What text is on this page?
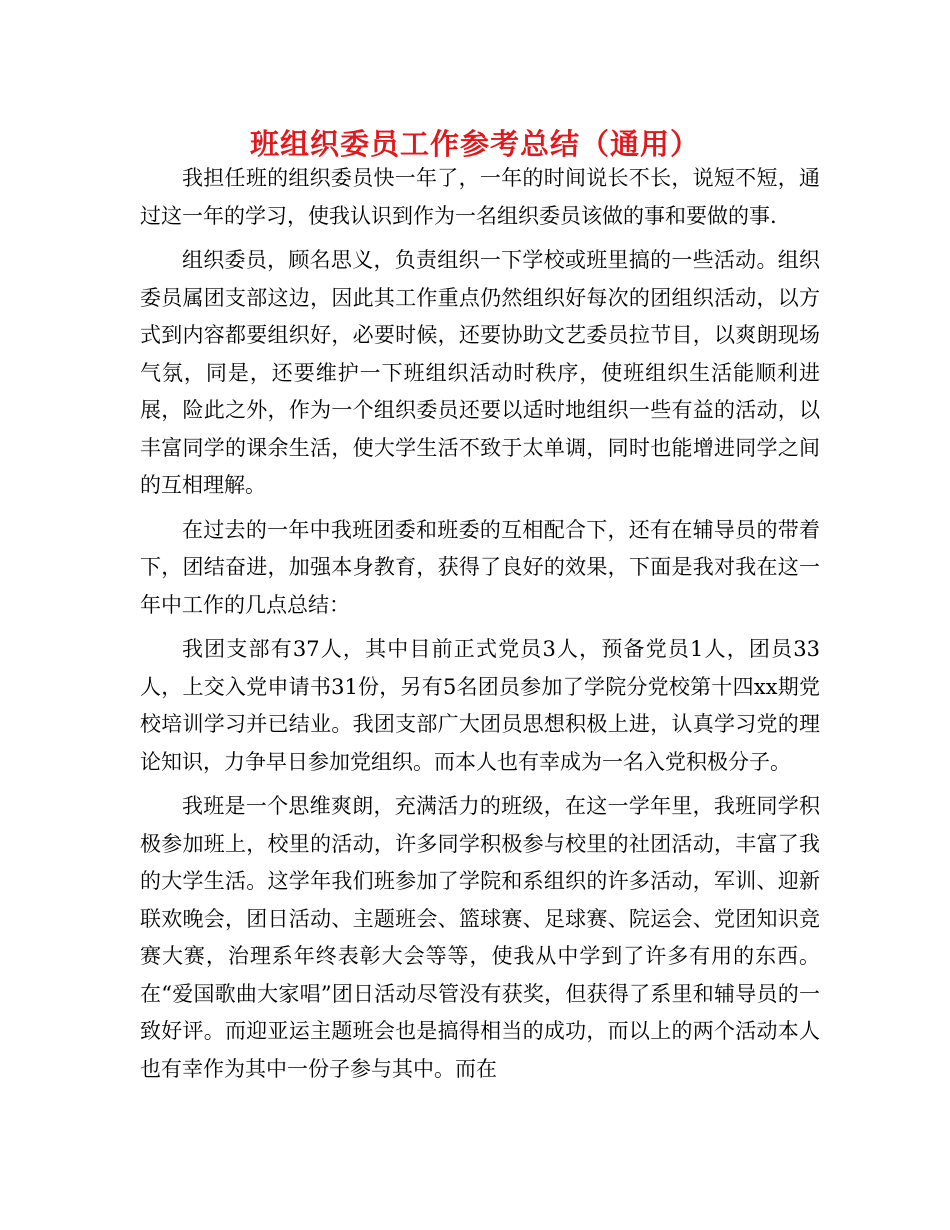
班组织委员工作参考总结（通用）

我担任班的组织委员快一年了，一年的时间说长不长，说短不短，通过这一年的学习，使我认识到作为一名组织委员该做的事和要做的事.

组织委员，顾名思义，负责组织一下学校或班里搞的一些活动。组织委员属团支部这边，因此其工作重点仍然组织好每次的团组织活动，以方式到内容都要组织好，必要时候，还要协助文艺委员拉节目，以爽朗现场气氛，同是，还要维护一下班组织活动时秩序，使班组织生活能顺利进展，险此之外，作为一个组织委员还要以适时地组织一些有益的活动，以丰富同学的课余生活，使大学生活不致于太单调，同时也能增进同学之间的互相理解。

在过去的一年中我班团委和班委的互相配合下，还有在辅导员的带着下，团结奋进，加强本身教育，获得了良好的效果，下面是我对我在这一年中工作的几点总结：

我团支部有37人，其中目前正式党员3人，预备党员1人，团员33人，上交入党申请书31份，另有5名团员参加了学院分党校第十四xx期党校培训学习并已结业。我团支部广大团员思想积极上进，认真学习党的理论知识，力争早日参加党组织。而本人也有幸成为一名入党积极分子。

我班是一个思维爽朗，充满活力的班级，在这一学年里，我班同学积极参加班上，校里的活动，许多同学积极参与校里的社团活动，丰富了我的大学生活。这学年我们班参加了学院和系组织的许多活动，军训、迎新联欢晚会，团日活动、主题班会、篮球赛、足球赛、院运会、党团知识竞赛大赛，治理系年终表彰大会等等，使我从中学到了许多有用的东西。在“爱国歌曲大家唱”团日活动尽管没有获奖，但获得了系里和辅导员的一致好评。而迎亚运主题班会也是搞得相当的成功，而以上的两个活动本人也有幸作为其中一份子参与其中。而在
